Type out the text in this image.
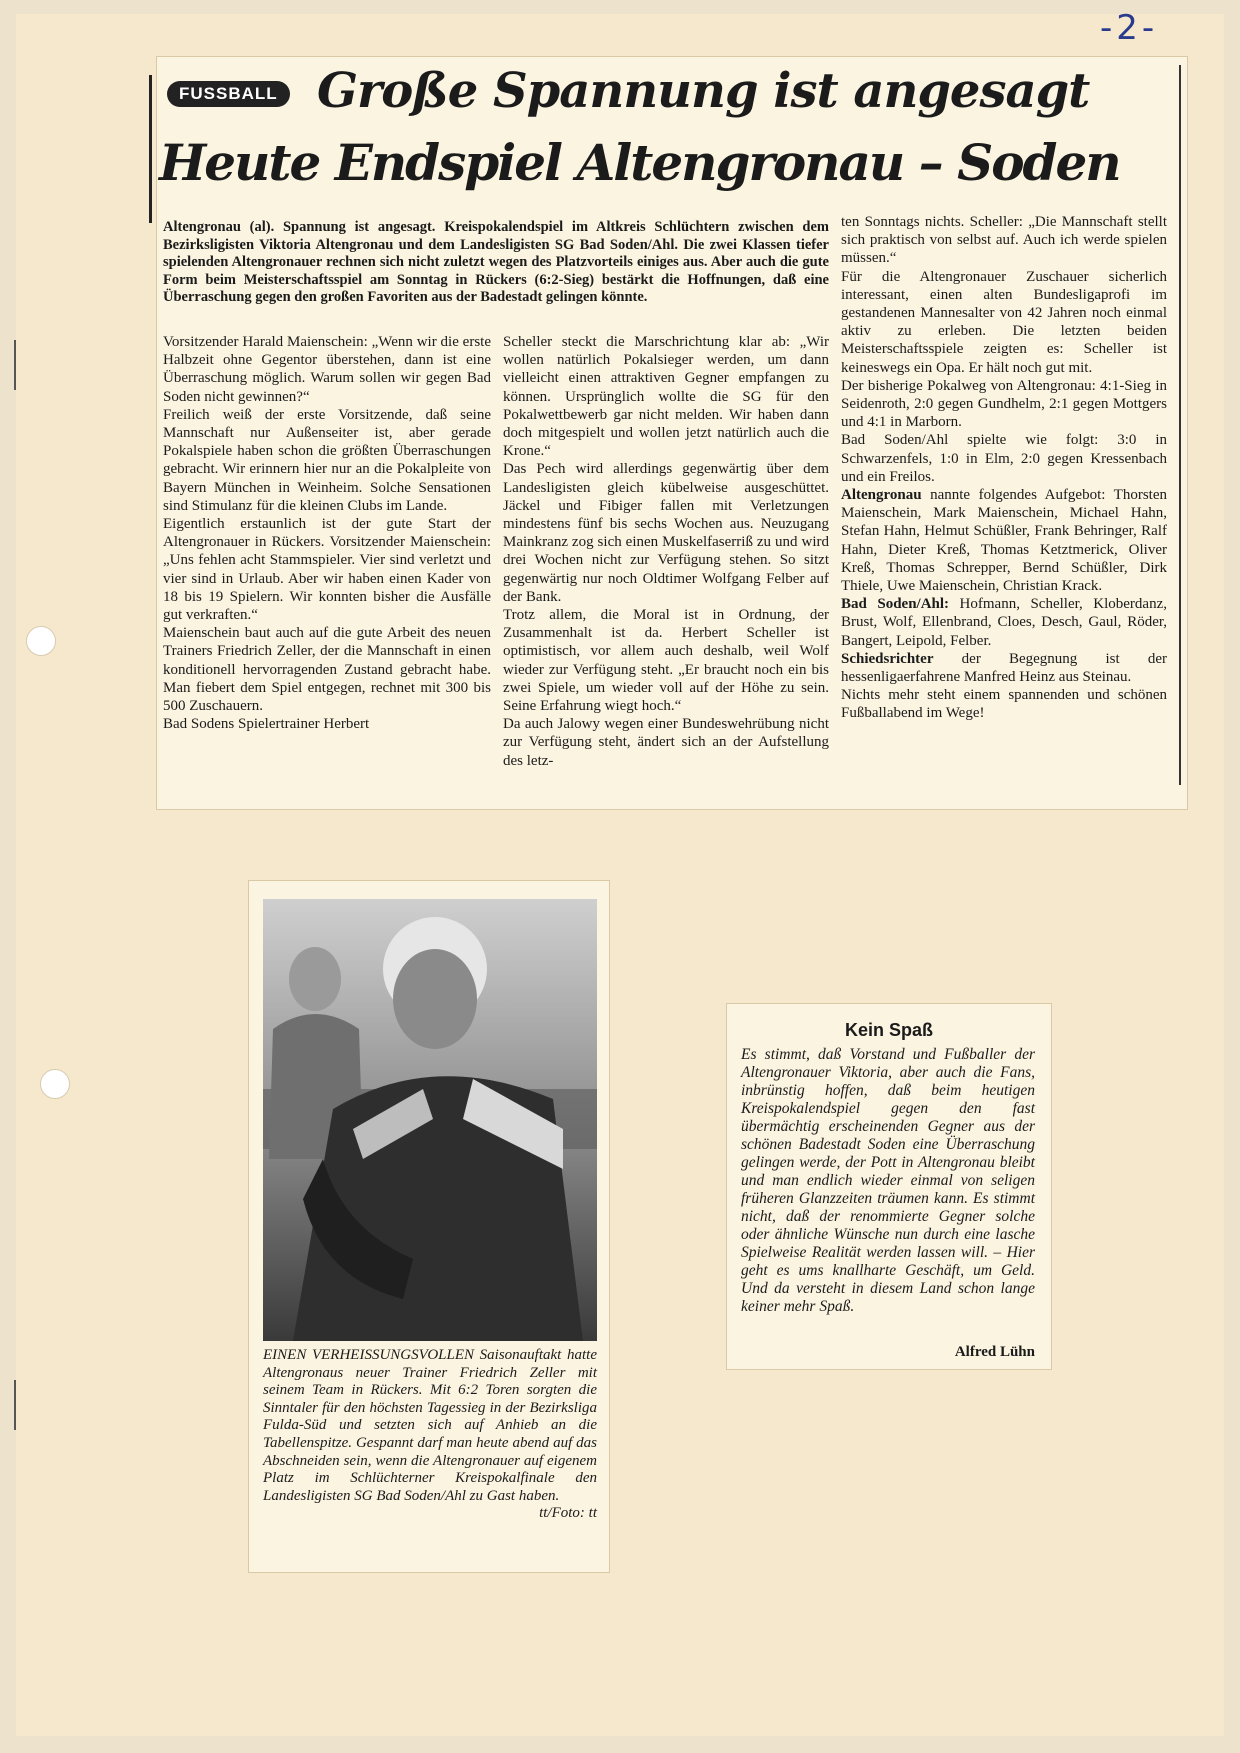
-2-
FUSSBALL Große Spannung ist angesagt
Heute Endspiel Altengronau – Soden
Altengronau (al). Spannung ist angesagt. Kreispokalendspiel im Altkreis Schlüchtern zwischen dem Bezirksligisten Viktoria Altengronau und dem Landesligisten SG Bad Soden/Ahl. Die zwei Klassen tiefer spielenden Altengronauer rechnen sich nicht zuletzt wegen des Platzvorteils einiges aus. Aber auch die gute Form beim Meisterschaftsspiel am Sonntag in Rückers (6:2-Sieg) bestärkt die Hoffnungen, daß eine Überraschung gegen den großen Favoriten aus der Badestadt gelingen könnte.

Vorsitzender Harald Maienschein: „Wenn wir die erste Halbzeit ohne Gegentor überstehen, dann ist eine Überraschung möglich. Warum sollen wir gegen Bad Soden nicht gewinnen?“

Freilich weiß der erste Vorsitzende, daß seine Mannschaft nur Außenseiter ist, aber gerade Pokalspiele haben schon die größten Überraschungen gebracht. Wir erinnern hier nur an die Pokalpleite von Bayern München in Weinheim. Solche Sensationen sind Stimulanz für die kleinen Clubs im Lande.

Eigentlich erstaunlich ist der gute Start der Altengronauer in Rückers. Vorsitzender Maienschein: „Uns fehlen acht Stammspieler. Vier sind verletzt und vier sind in Urlaub. Aber wir haben einen Kader von 18 bis 19 Spielern. Wir konnten bisher die Ausfälle gut verkraften.“

Maienschein baut auch auf die gute Arbeit des neuen Trainers Friedrich Zeller, der die Mannschaft in einen konditionell hervorragenden Zustand gebracht habe. Man fiebert dem Spiel entgegen, rechnet mit 300 bis 500 Zuschauern.

Bad Sodens Spielertrainer Herbert

Scheller steckt die Marschrichtung klar ab: „Wir wollen natürlich Pokalsieger werden, um dann vielleicht einen attraktiven Gegner empfangen zu können. Ursprünglich wollte die SG für den Pokalwettbewerb gar nicht melden. Wir haben dann doch mitgespielt und wollen jetzt natürlich auch die Krone.“

Das Pech wird allerdings gegenwärtig über dem Landesligisten gleich kübelweise ausgeschüttet. Jäckel und Fibiger fallen mit Verletzungen mindestens fünf bis sechs Wochen aus. Neuzugang Mainkranz zog sich einen Muskelfaserriß zu und wird drei Wochen nicht zur Verfügung stehen. So sitzt gegenwärtig nur noch Oldtimer Wolfgang Felber auf der Bank.

Trotz allem, die Moral ist in Ordnung, der Zusammenhalt ist da. Herbert Scheller ist optimistisch, vor allem auch deshalb, weil Wolf wieder zur Verfügung steht. „Er braucht noch ein bis zwei Spiele, um wieder voll auf der Höhe zu sein. Seine Erfahrung wiegt hoch.“

Da auch Jalowy wegen einer Bundeswehrübung nicht zur Verfügung steht, ändert sich an der Aufstellung des letz-

ten Sonntags nichts. Scheller: „Die Mannschaft stellt sich praktisch von selbst auf. Auch ich werde spielen müssen.“

Für die Altengronauer Zuschauer sicherlich interessant, einen alten Bundesligaprofi im gestandenen Mannesalter von 42 Jahren noch einmal aktiv zu erleben. Die letzten beiden Meisterschaftsspiele zeigten es: Scheller ist keineswegs ein Opa. Er hält noch gut mit.

Der bisherige Pokalweg von Altengronau: 4:1-Sieg in Seidenroth, 2:0 gegen Gundhelm, 2:1 gegen Mottgers und 4:1 in Marborn.

Bad Soden/Ahl spielte wie folgt: 3:0 in Schwarzenfels, 1:0 in Elm, 2:0 gegen Kressenbach und ein Freilos.

Altengronau nannte folgendes Aufgebot: Thorsten Maienschein, Mark Maienschein, Michael Hahn, Stefan Hahn, Helmut Schüßler, Frank Behringer, Ralf Hahn, Dieter Kreß, Thomas Ketztmerick, Oliver Kreß, Thomas Schrepper, Bernd Schüßler, Dirk Thiele, Uwe Maienschein, Christian Krack.

Bad Soden/Ahl: Hofmann, Scheller, Kloberdanz, Brust, Wolf, Ellenbrand, Cloes, Desch, Gaul, Röder, Bangert, Leipold, Felber.

Schiedsrichter der Begegnung ist der hessenligaerfahrene Manfred Heinz aus Steinau.

Nichts mehr steht einem spannenden und schönen Fußballabend im Wege!

EINEN VERHEISSUNGSVOLLEN Saisonauftakt hatte Altengronaus neuer Trainer Friedrich Zeller mit seinem Team in Rückers. Mit 6:2 Toren sorgten die Sinntaler für den höchsten Tagessieg in der Bezirksliga Fulda-Süd und setzten sich auf Anhieb an die Tabellenspitze. Gespannt darf man heute abend auf das Abschneiden sein, wenn die Altengronauer auf eigenem Platz im Schlüchterner Kreispokalfinale den Landesligisten SG Bad Soden/Ahl zu Gast haben.

tt/Foto: tt
Kein Spaß
Es stimmt, daß Vorstand und Fußballer der Altengronauer Viktoria, aber auch die Fans, inbrünstig hoffen, daß beim heutigen Kreispokalendspiel gegen den fast übermächtig erscheinenden Gegner aus der schönen Badestadt Soden eine Überraschung gelingen werde, der Pott in Altengronau bleibt und man endlich wieder einmal von seligen früheren Glanzzeiten träumen kann. Es stimmt nicht, daß der renommierte Gegner solche oder ähnliche Wünsche nun durch eine lasche Spielweise Realität werden lassen will. – Hier geht es ums knallharte Geschäft, um Geld. Und da versteht in diesem Land schon lange keiner mehr Spaß.
Alfred Lühn
